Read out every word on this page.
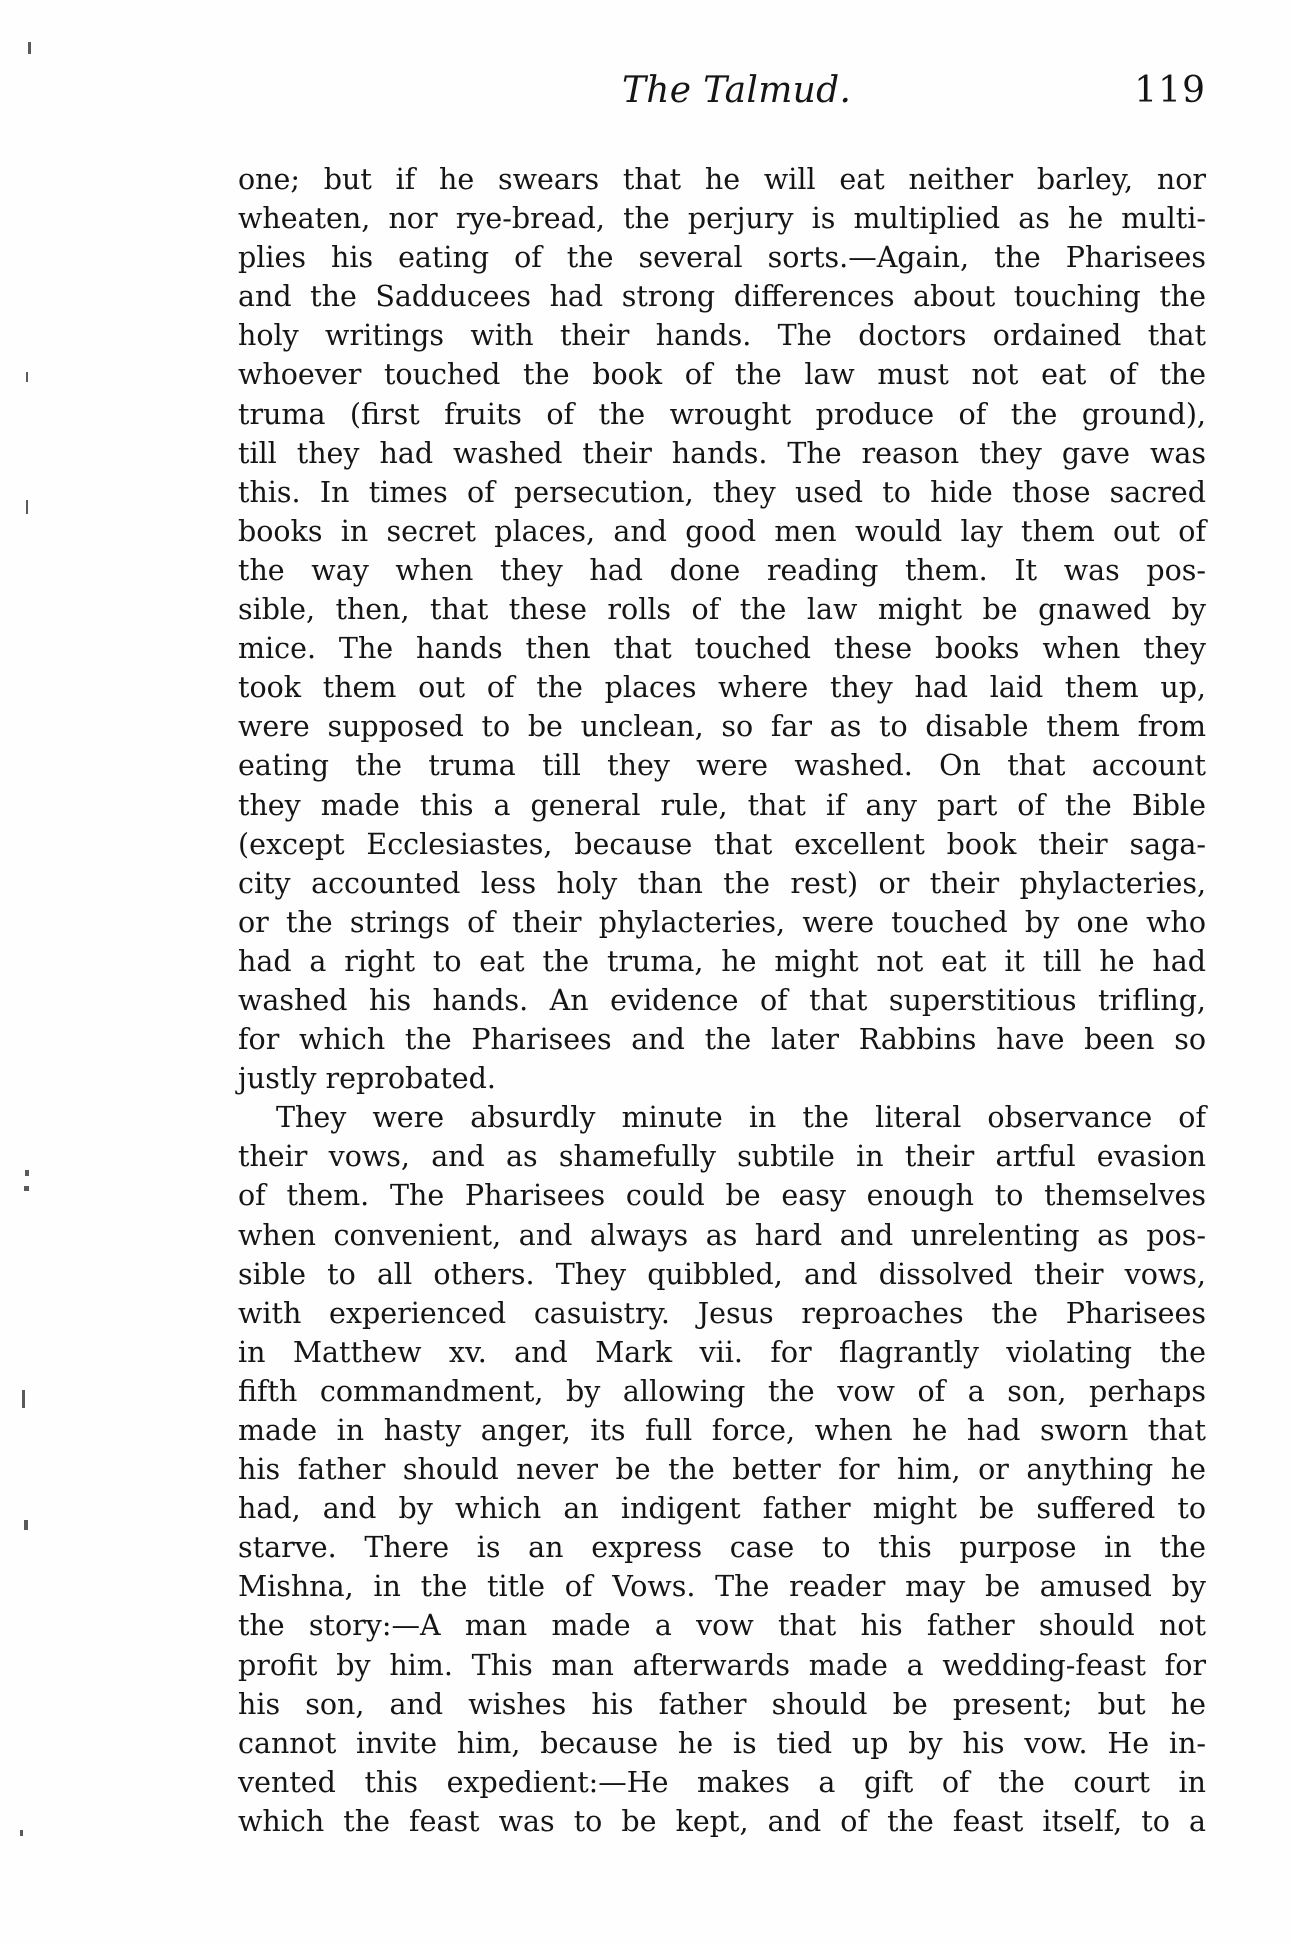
The Talmud.	119
one; but if he swears that he will eat neither barley, nor
wheaten, nor rye-bread, the perjury is multiplied as he multi-
plies his eating of the several sorts.—Again, the Pharisees
and the Sadducees had strong differences about touching the
holy writings with their hands. The doctors ordained that
whoever touched the book of the law must not eat of the
truma (first fruits of the wrought produce of the ground),
till they had washed their hands. The reason they gave was
this. In times of persecution, they used to hide those sacred
books in secret places, and good men would lay them out of
the way when they had done reading them. It was pos-
sible, then, that these rolls of the law might be gnawed by
mice. The hands then that touched these books when they
took them out of the places where they had laid them up,
were supposed to be unclean, so far as to disable them from
eating the truma till they were washed. On that account
they made this a general rule, that if any part of the Bible
(except Ecclesiastes, because that excellent book their saga-
city accounted less holy than the rest) or their phylacteries,
or the strings of their phylacteries, were touched by one who
had a right to eat the truma, he might not eat it till he had
washed his hands. An evidence of that superstitious trifling,
for which the Pharisees and the later Rabbins have been so
justly reprobated.
They were absurdly minute in the literal observance of
their vows, and as shamefully subtile in their artful evasion
of them. The Pharisees could be easy enough to themselves
when convenient, and always as hard and unrelenting as pos-
sible to all others. They quibbled, and dissolved their vows,
with experienced casuistry. Jesus reproaches the Pharisees
in Matthew xv. and Mark vii. for flagrantly violating the
fifth commandment, by allowing the vow of a son, perhaps
made in hasty anger, its full force, when he had sworn that
his father should never be the better for him, or anything he
had, and by which an indigent father might be suffered to
starve. There is an express case to this purpose in the
Mishna, in the title of Vows. The reader may be amused by
the story:—A man made a vow that his father should not
profit by him. This man afterwards made a wedding-feast for
his son, and wishes his father should be present; but he
cannot invite him, because he is tied up by his vow. He in-
vented this expedient:—He makes a gift of the court in
which the feast was to be kept, and of the feast itself, to a
